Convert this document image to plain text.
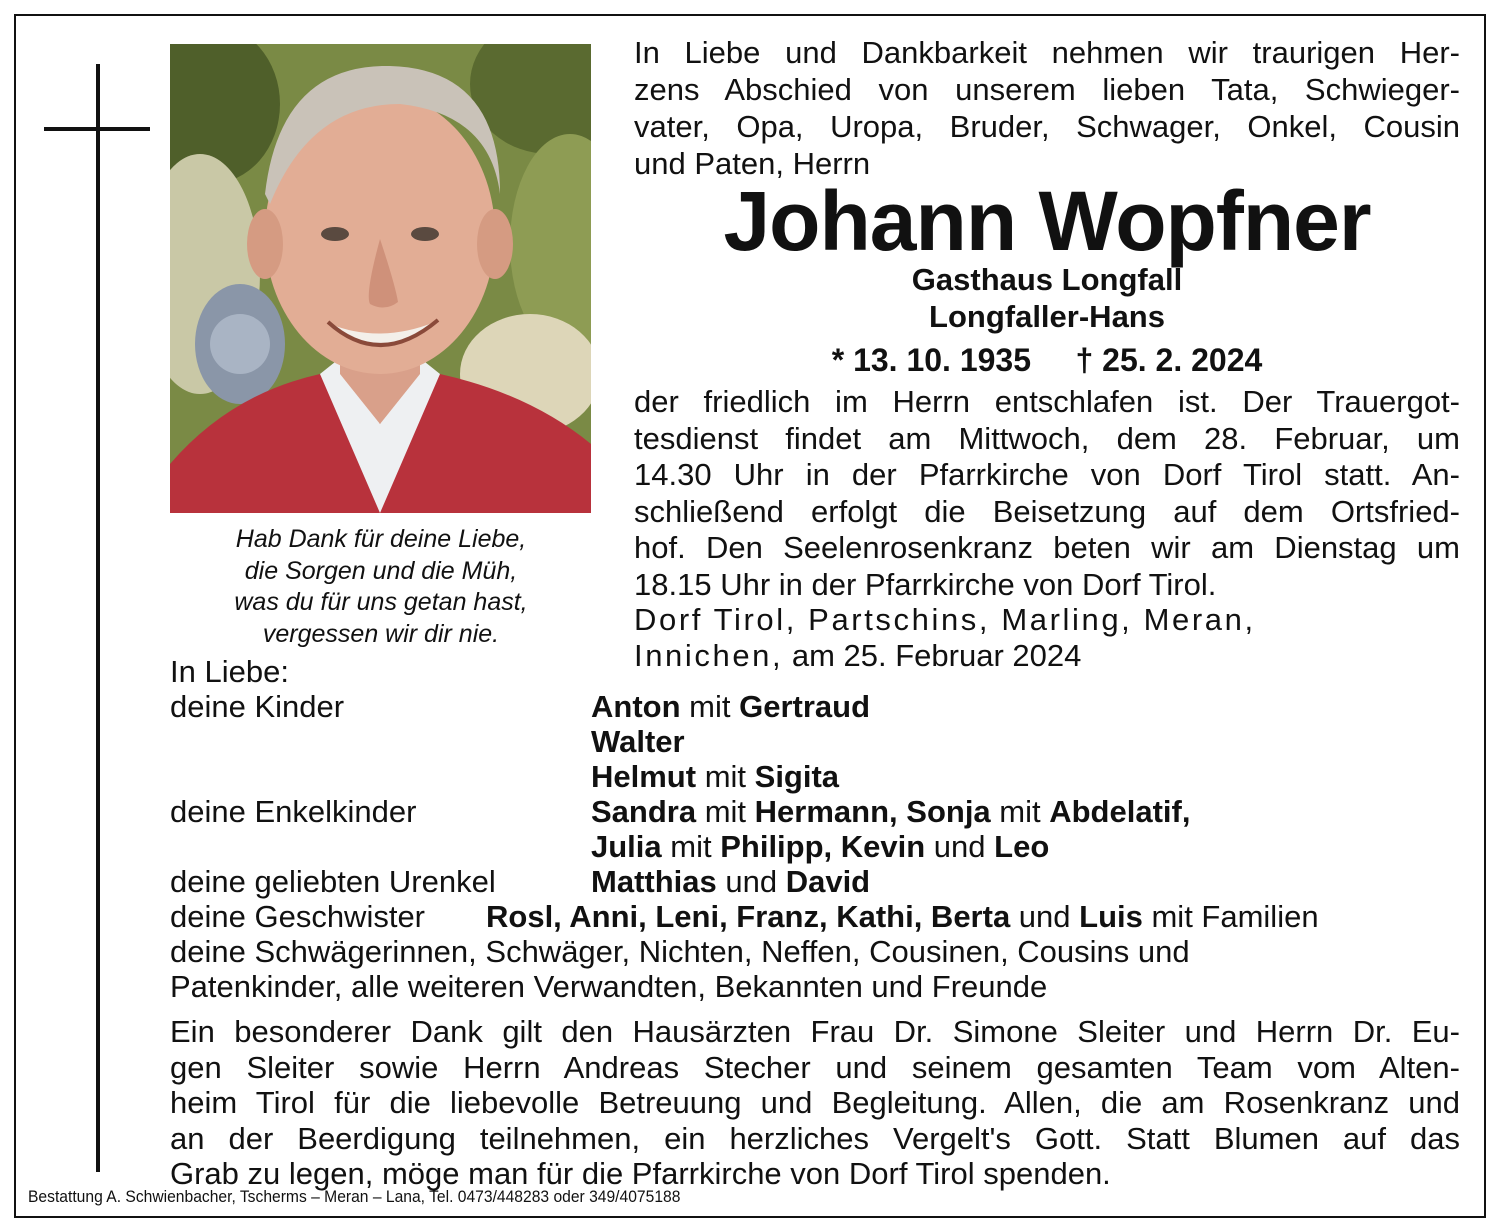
Hab Dank für deine Liebe,
die Sorgen und die Müh,
was du für uns getan hast,
vergessen wir dir nie.
In Liebe und Dankbarkeit nehmen wir traurigen Her-
zens Abschied von unserem lieben Tata, Schwieger-
vater, Opa, Uropa, Bruder, Schwager, Onkel, Cousin
und Paten, Herrn
Johann Wopfner
Gasthaus Longfall
Longfaller-Hans
* 13. 10. 1935 † 25. 2. 2024
der friedlich im Herrn entschlafen ist. Der Trauergot-
tesdienst findet am Mittwoch, dem 28. Februar, um
14.30 Uhr in der Pfarrkirche von Dorf Tirol statt. An-
schließend erfolgt die Beisetzung auf dem Ortsfried-
hof. Den Seelenrosenkranz beten wir am Dienstag um
18.15 Uhr in der Pfarrkirche von Dorf Tirol.
Dorf Tirol, Partschins, Marling, Meran,
Innichen, am 25. Februar 2024
In Liebe:
deine Kinder	Anton mit Gertraud
Walter
Helmut mit Sigita
deine Enkelkinder	Sandra mit Hermann, Sonja mit Abdelatif,
Julia mit Philipp, Kevin und Leo
deine geliebten Urenkel	Matthias und David
deine Geschwister Rosl, Anni, Leni, Franz, Kathi, Berta und Luis mit Familien
deine Schwägerinnen, Schwäger, Nichten, Neffen, Cousinen, Cousins und
Patenkinder, alle weiteren Verwandten, Bekannten und Freunde
Ein besonderer Dank gilt den Hausärzten Frau Dr. Simone Sleiter und Herrn Dr. Eu-
gen Sleiter sowie Herrn Andreas Stecher und seinem gesamten Team vom Alten-
heim Tirol für die liebevolle Betreuung und Begleitung. Allen, die am Rosenkranz und
an der Beerdigung teilnehmen, ein herzliches Vergelt's Gott. Statt Blumen auf das
Grab zu legen, möge man für die Pfarrkirche von Dorf Tirol spenden.
Bestattung A. Schwienbacher, Tscherms – Meran – Lana, Tel. 0473/448283 oder 349/4075188
